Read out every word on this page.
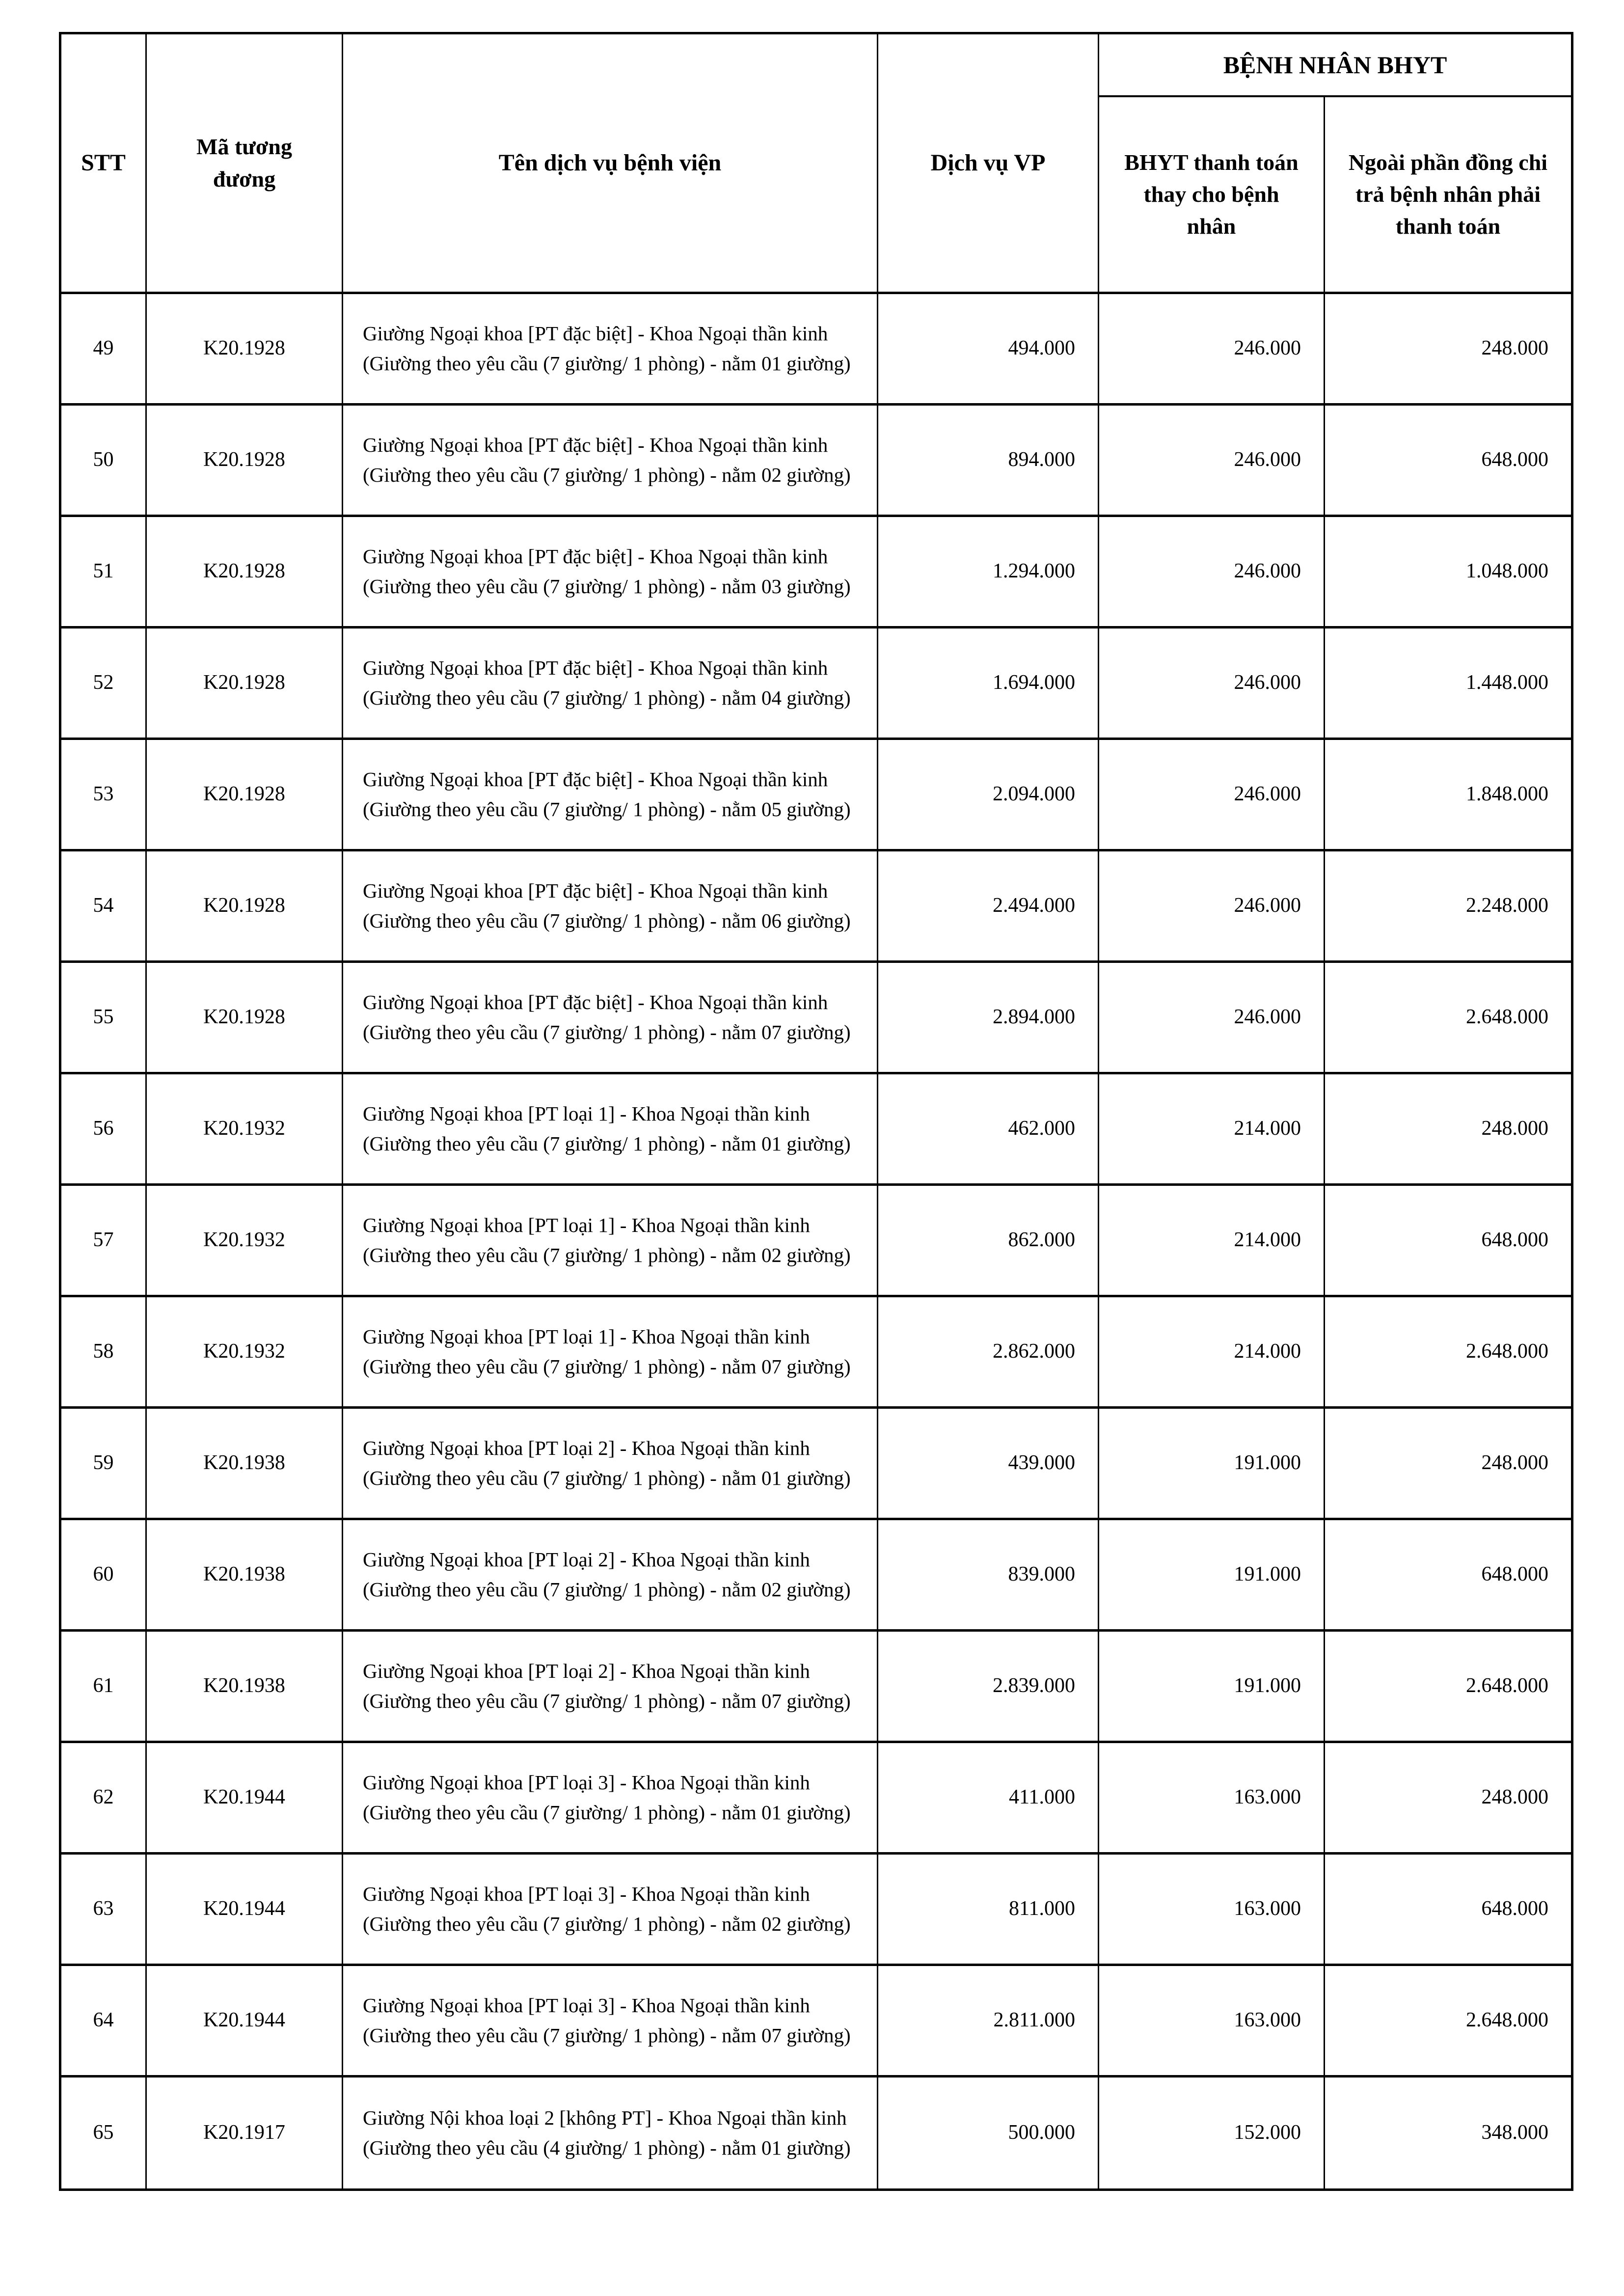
STT	Mã tương đương	Tên dịch vụ bệnh viện	Dịch vụ VP	BỆNH NHÂN BHYT	
				BHYT thanh toán thay cho bệnh nhân	Ngoài phần đồng chi trả bệnh nhân phải thanh toán
49	K20.1928	Giường Ngoại khoa [PT đặc biệt] - Khoa Ngoại thần kinh (Giường theo yêu cầu (7 giường/ 1 phòng) - nằm 01 giường)	494.000	246.000	248.000
50	K20.1928	Giường Ngoại khoa [PT đặc biệt] - Khoa Ngoại thần kinh (Giường theo yêu cầu (7 giường/ 1 phòng) - nằm 02 giường)	894.000	246.000	648.000
51	K20.1928	Giường Ngoại khoa [PT đặc biệt] - Khoa Ngoại thần kinh (Giường theo yêu cầu (7 giường/ 1 phòng) - nằm 03 giường)	1.294.000	246.000	1.048.000
52	K20.1928	Giường Ngoại khoa [PT đặc biệt] - Khoa Ngoại thần kinh (Giường theo yêu cầu (7 giường/ 1 phòng) - nằm 04 giường)	1.694.000	246.000	1.448.000
53	K20.1928	Giường Ngoại khoa [PT đặc biệt] - Khoa Ngoại thần kinh (Giường theo yêu cầu (7 giường/ 1 phòng) - nằm 05 giường)	2.094.000	246.000	1.848.000
54	K20.1928	Giường Ngoại khoa [PT đặc biệt] - Khoa Ngoại thần kinh (Giường theo yêu cầu (7 giường/ 1 phòng) - nằm 06 giường)	2.494.000	246.000	2.248.000
55	K20.1928	Giường Ngoại khoa [PT đặc biệt] - Khoa Ngoại thần kinh (Giường theo yêu cầu (7 giường/ 1 phòng) - nằm 07 giường)	2.894.000	246.000	2.648.000
56	K20.1932	Giường Ngoại khoa [PT loại 1] - Khoa Ngoại thần kinh (Giường theo yêu cầu (7 giường/ 1 phòng) - nằm 01 giường)	462.000	214.000	248.000
57	K20.1932	Giường Ngoại khoa [PT loại 1] - Khoa Ngoại thần kinh (Giường theo yêu cầu (7 giường/ 1 phòng) - nằm 02 giường)	862.000	214.000	648.000
58	K20.1932	Giường Ngoại khoa [PT loại 1] - Khoa Ngoại thần kinh (Giường theo yêu cầu (7 giường/ 1 phòng) - nằm 07 giường)	2.862.000	214.000	2.648.000
59	K20.1938	Giường Ngoại khoa [PT loại 2] - Khoa Ngoại thần kinh (Giường theo yêu cầu (7 giường/ 1 phòng) - nằm 01 giường)	439.000	191.000	248.000
60	K20.1938	Giường Ngoại khoa [PT loại 2] - Khoa Ngoại thần kinh (Giường theo yêu cầu (7 giường/ 1 phòng) - nằm 02 giường)	839.000	191.000	648.000
61	K20.1938	Giường Ngoại khoa [PT loại 2] - Khoa Ngoại thần kinh (Giường theo yêu cầu (7 giường/ 1 phòng) - nằm 07 giường)	2.839.000	191.000	2.648.000
62	K20.1944	Giường Ngoại khoa [PT loại 3] - Khoa Ngoại thần kinh (Giường theo yêu cầu (7 giường/ 1 phòng) - nằm 01 giường)	411.000	163.000	248.000
63	K20.1944	Giường Ngoại khoa [PT loại 3] - Khoa Ngoại thần kinh (Giường theo yêu cầu (7 giường/ 1 phòng) - nằm 02 giường)	811.000	163.000	648.000
64	K20.1944	Giường Ngoại khoa [PT loại 3] - Khoa Ngoại thần kinh (Giường theo yêu cầu (7 giường/ 1 phòng) - nằm 07 giường)	2.811.000	163.000	2.648.000
65	K20.1917	Giường Nội khoa loại 2 [không PT] - Khoa Ngoại thần kinh (Giường theo yêu cầu (4 giường/ 1 phòng) - nằm 01 giường)	500.000	152.000	348.000
